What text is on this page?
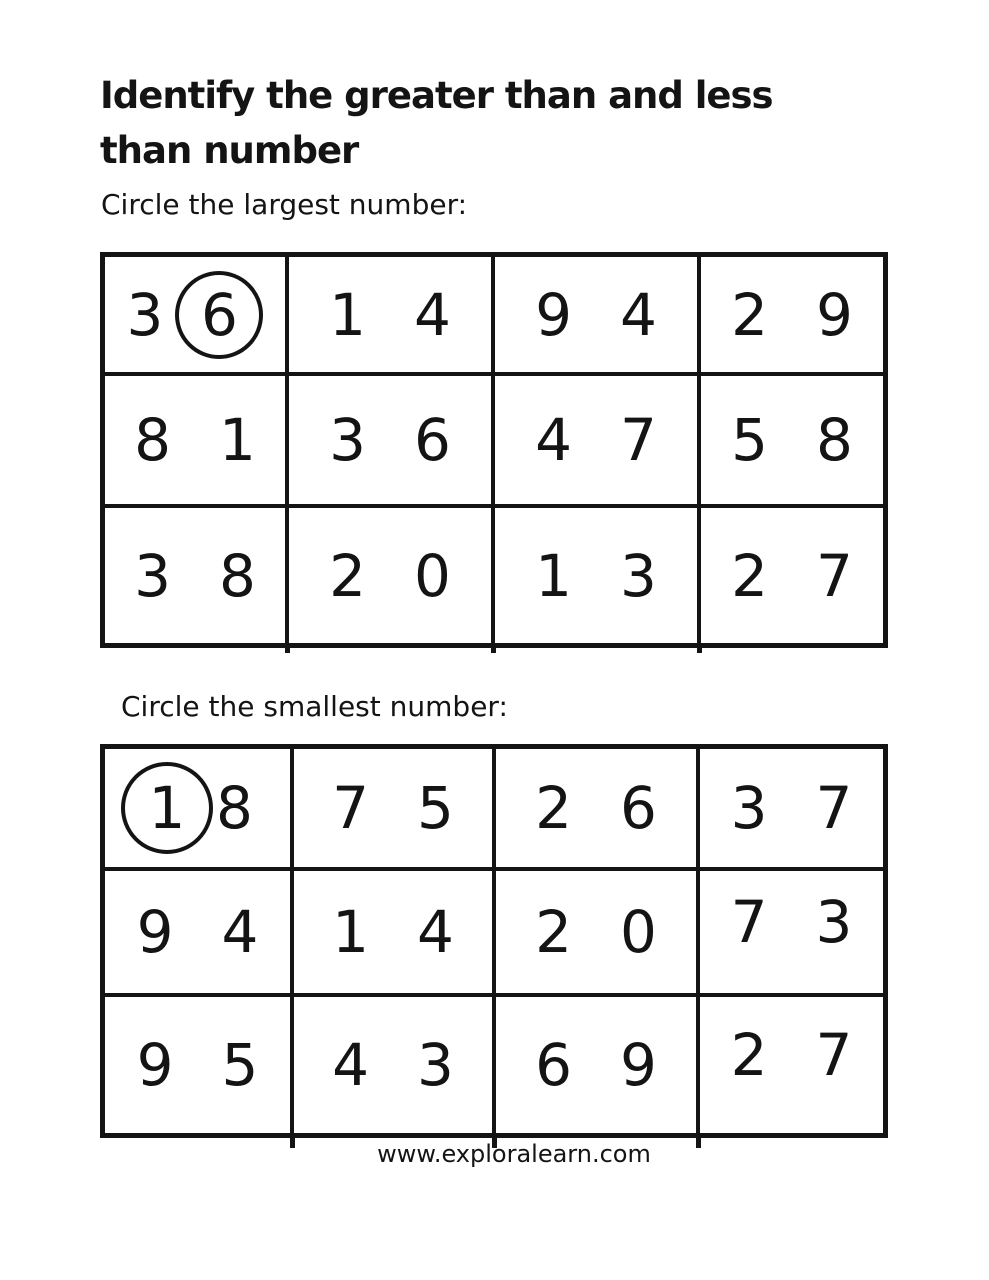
Identify the greater than and less
than number
Circle the largest number:
3 6 1 4 9 4 2 9
8 1 3 6 4 7 5 8
3 8 2 0 1 3 2 7
Circle the smallest number:
1 8 7 5 2 6 3 7
9 4 1 4 2 0 7 3
9 5 4 3 6 9 2 7
www.exploralearn.com
